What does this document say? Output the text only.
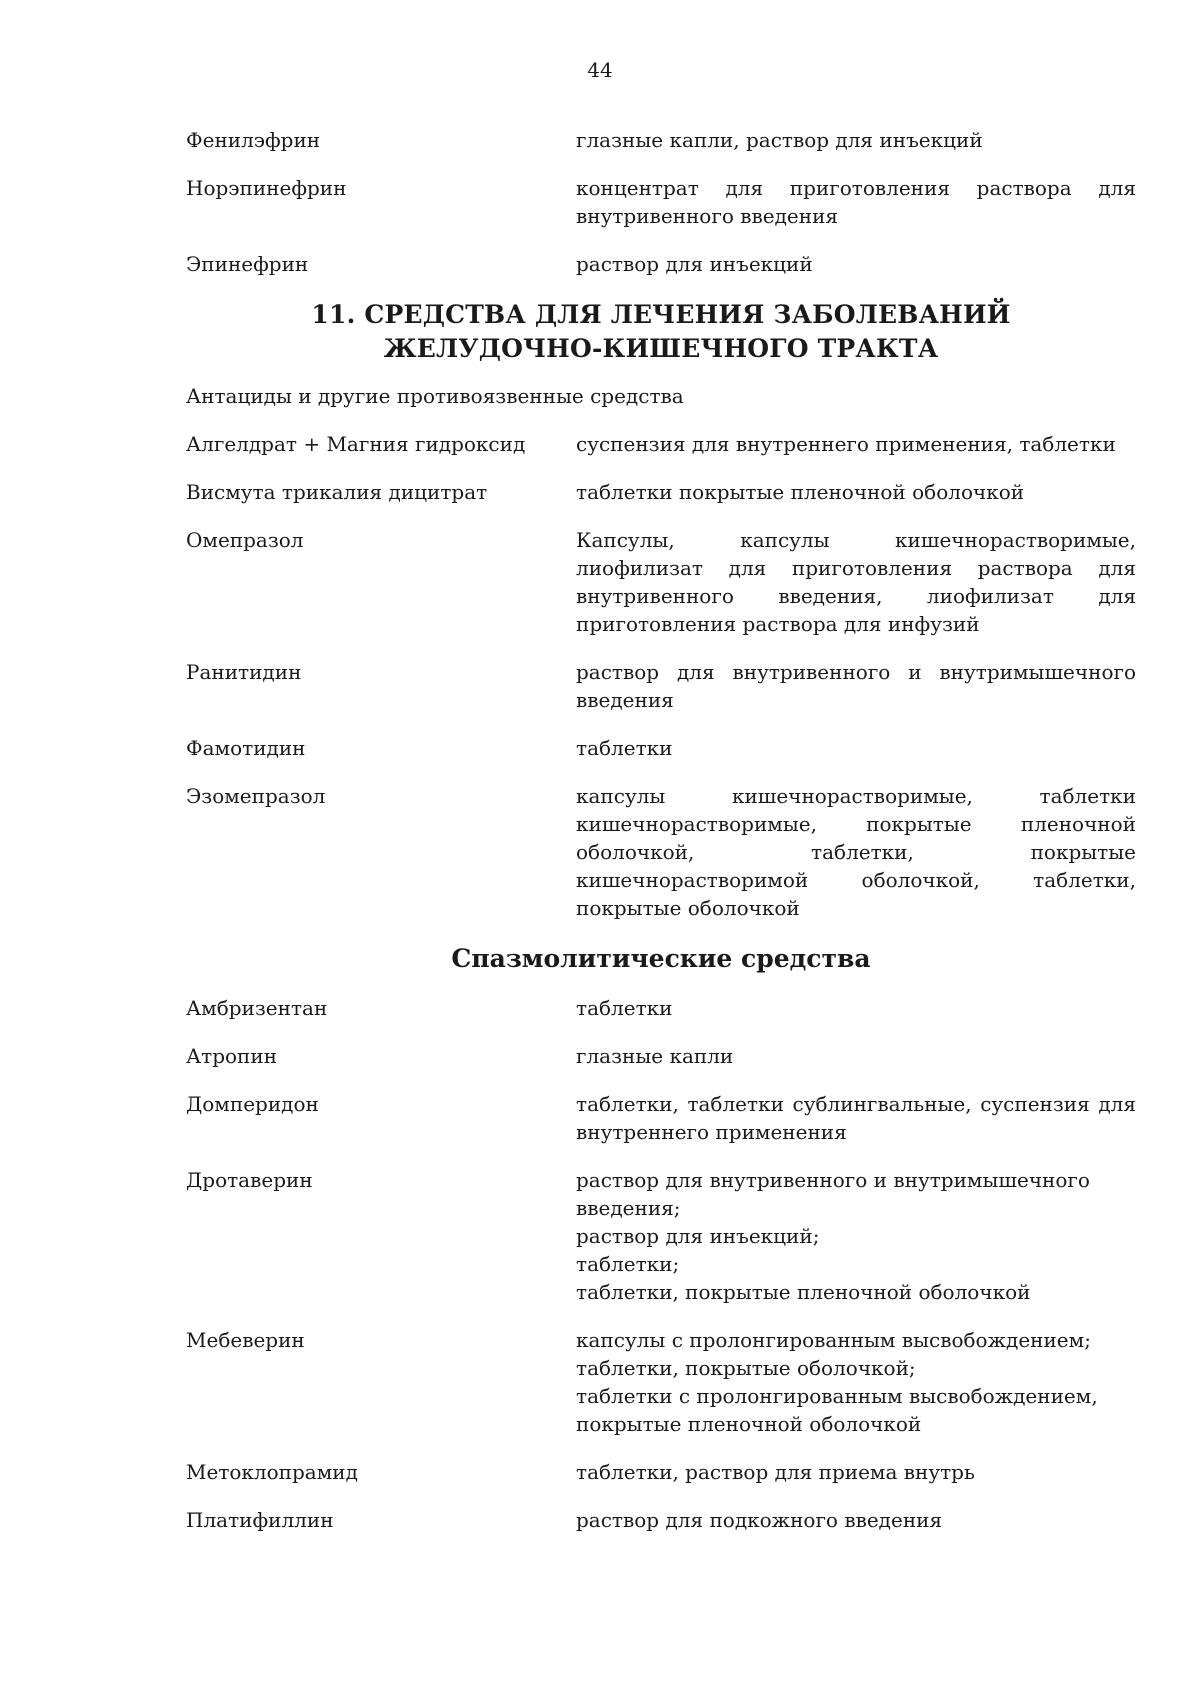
44
Фенилэфрин	глазные капли, раствор для инъекций
Норэпинефрин	концентрат для приготовления раствора для внутривенного введения
Эпинефрин	раствор для инъекций
11. СРЕДСТВА ДЛЯ ЛЕЧЕНИЯ ЗАБОЛЕВАНИЙ
ЖЕЛУДОЧНО-КИШЕЧНОГО ТРАКТА
Антациды и другие противоязвенные средства
Алгелдрат + Магния гидроксид	суспензия для внутреннего применения, таблетки
Висмута трикалия дицитрат	таблетки покрытые пленочной оболочкой
Омепразол	Капсулы, капсулы кишечнорастворимые, лиофилизат для приготовления раствора для внутривенного введения, лиофилизат для приготовления раствора для инфузий
Ранитидин	раствор для внутривенного и внутримышечного введения
Фамотидин	таблетки
Эзомепразол	капсулы кишечнорастворимые, таблетки кишечнорастворимые, покрытые пленочной оболочкой, таблетки, покрытые кишечнорастворимой оболочкой, таблетки, покрытые оболочкой
Спазмолитические средства
Амбризентан	таблетки
Атропин	глазные капли
Домперидон	таблетки, таблетки сублингвальные, суспензия для внутреннего применения
Дротаверин	раствор для внутривенного и внутримышечного введения;
раствор для инъекций;
таблетки;
таблетки, покрытые пленочной оболочкой
Мебеверин	капсулы с пролонгированным высвобождением;
таблетки, покрытые оболочкой;
таблетки с пролонгированным высвобождением, покрытые пленочной оболочкой
Метоклопрамид	таблетки, раствор для приема внутрь
Платифиллин	раствор для подкожного введения
